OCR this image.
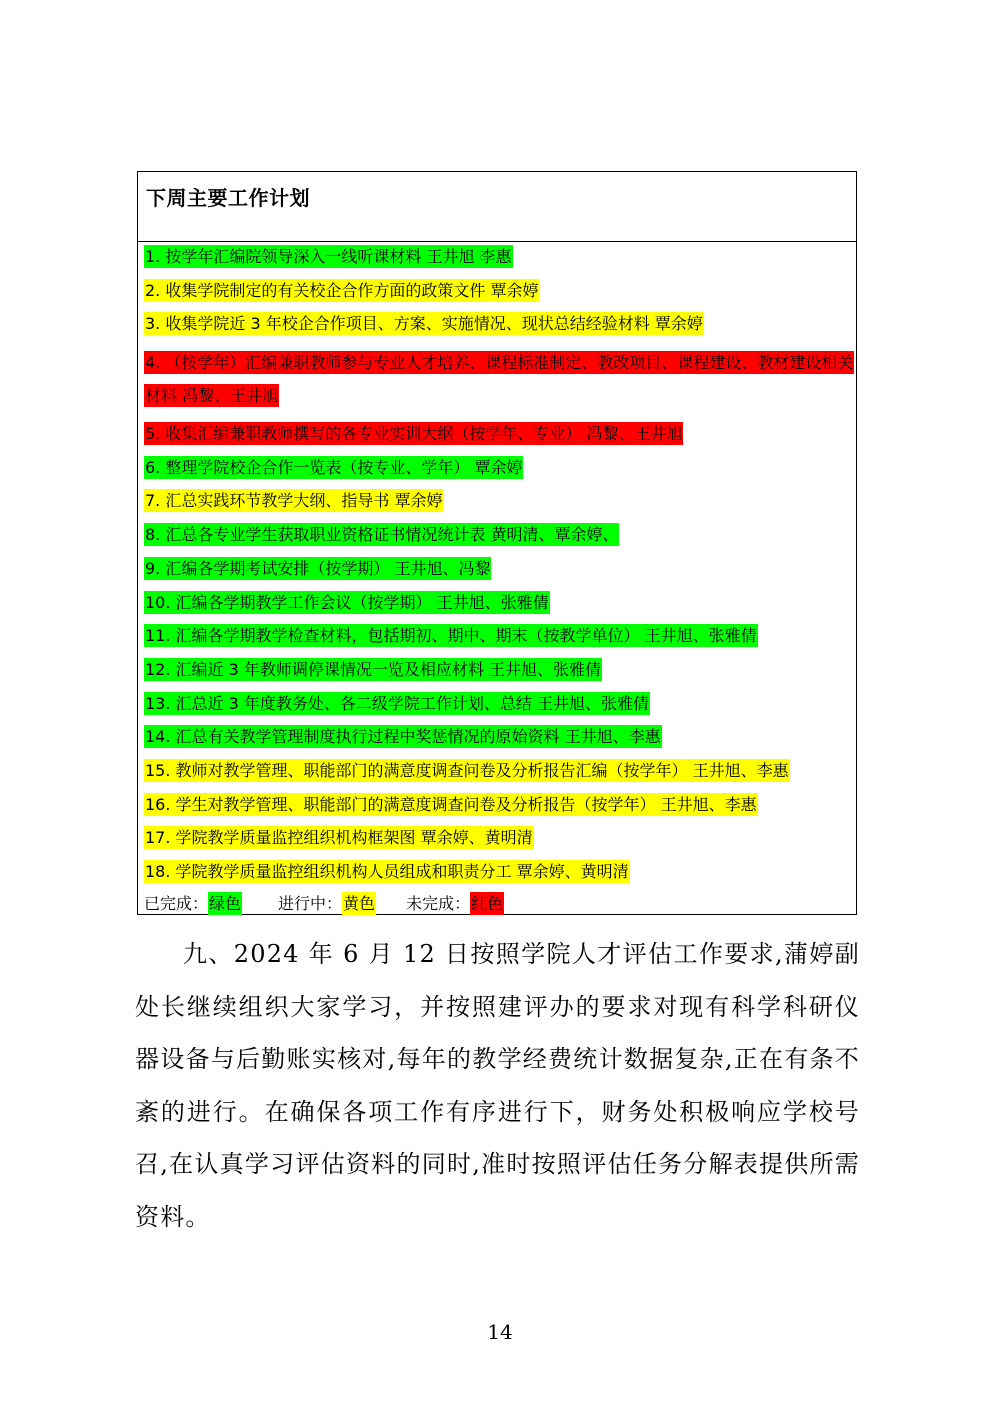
下周主要工作计划
1. 按学年汇编院领导深入一线听课材料 王井旭 李惠
2. 收集学院制定的有关校企合作方面的政策文件 覃余婷
3. 收集学院近 3 年校企合作项目、方案、实施情况、现状总结经验材料 覃余婷
4. （按学年）汇编兼职教师参与专业人才培养、课程标准制定、教改项目、课程建设、教材建设相关材料 冯黎、王井旭
5. 收集汇编兼职教师撰写的各专业实训大纲（按学年、专业） 冯黎、王井旭
6. 整理学院校企合作一览表（按专业、学年） 覃余婷
7. 汇总实践环节教学大纲、指导书 覃余婷
8. 汇总各专业学生获取职业资格证书情况统计表 黄明清、覃余婷、
9. 汇编各学期考试安排（按学期） 王井旭、冯黎
10. 汇编各学期教学工作会议（按学期） 王井旭、张雅倩
11. 汇编各学期教学检查材料，包括期初、期中、期末（按教学单位） 王井旭、张雅倩
12. 汇编近 3 年教师调停课情况一览及相应材料 王井旭、张雅倩
13. 汇总近 3 年度教务处、各二级学院工作计划、总结 王井旭、张雅倩
14. 汇总有关教学管理制度执行过程中奖惩情况的原始资料 王井旭、李惠
15. 教师对教学管理、职能部门的满意度调查问卷及分析报告汇编（按学年） 王井旭、李惠
16. 学生对教学管理、职能部门的满意度调查问卷及分析报告（按学年） 王井旭、李惠
17. 学院教学质量监控组织机构框架图 覃余婷、黄明清
18. 学院教学质量监控组织机构人员组成和职责分工 覃余婷、黄明清
已完成：绿色 进行中：黄色 未完成：红色
九、2024 年 6 月 12 日按照学院人才评估工作要求,蒲婷副处长继续组织大家学习，并按照建评办的要求对现有科学科研仪器设备与后勤账实核对,每年的教学经费统计数据复杂,正在有条不紊的进行。在确保各项工作有序进行下，财务处积极响应学校号召,在认真学习评估资料的同时,准时按照评估任务分解表提供所需资料。
14
